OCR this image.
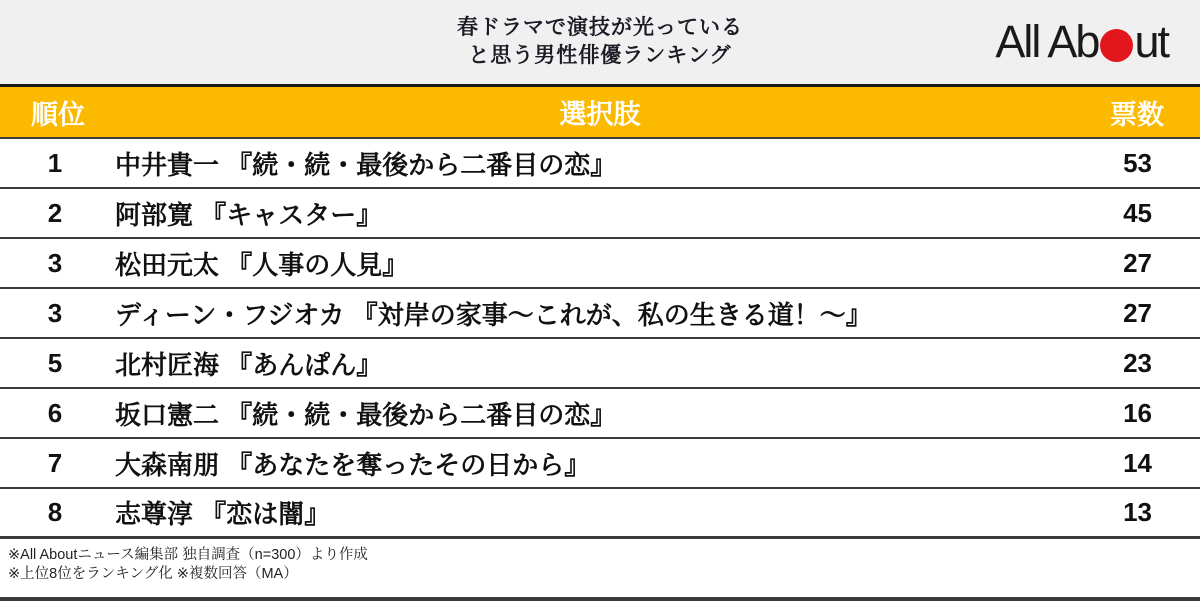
春ドラマで演技が光っている
と思う男性俳優ランキング	All Ab ut
順位	選択肢	票数
1	中井貴一 『続・続・最後から二番目の恋』	53
2	阿部寛 『キャスター』	45
3	松田元太 『人事の人見』	27
3	ディーン・フジオカ 『対岸の家事～これが、私の生きる道！～』	27
5	北村匠海 『あんぱん』	23
6	坂口憲二 『続・続・最後から二番目の恋』	16
7	大森南朋 『あなたを奪ったその日から』	14
8	志尊淳 『恋は闇』	13
※All Aboutニュース編集部 独自調査（n=300）より作成
※上位8位をランキング化 ※複数回答（MA）
